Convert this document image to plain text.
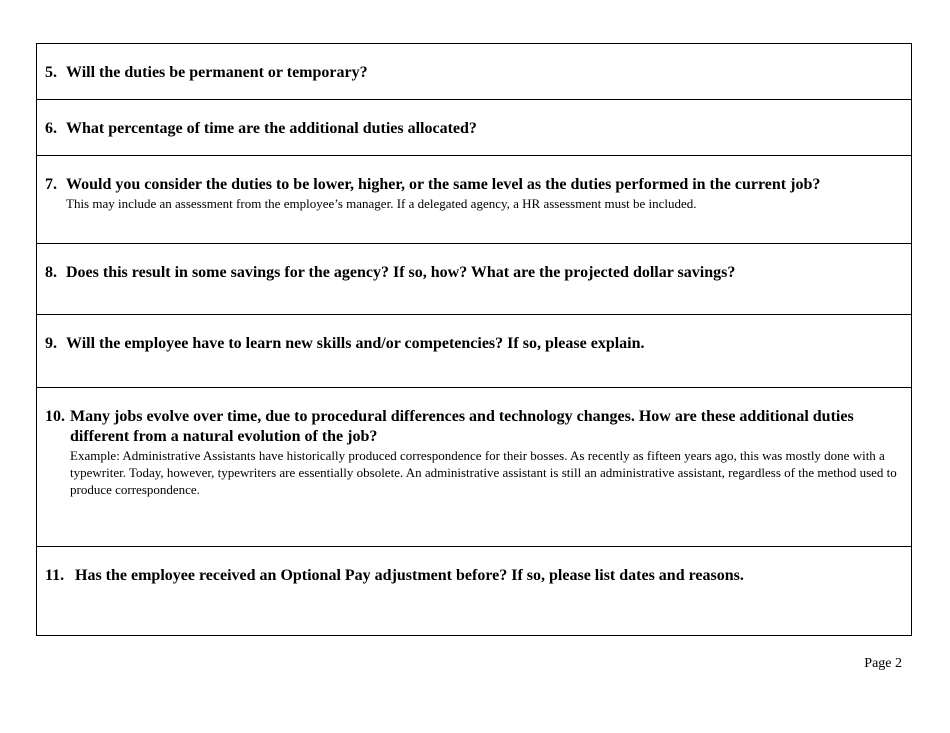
5. Will the duties be permanent or temporary?
6. What percentage of time are the additional duties allocated?
7. Would you consider the duties to be lower, higher, or the same level as the duties performed in the current job?
This may include an assessment from the employee’s manager. If a delegated agency, a HR assessment must be included.
8. Does this result in some savings for the agency? If so, how? What are the projected dollar savings?
9. Will the employee have to learn new skills and/or competencies? If so, please explain.
10. Many jobs evolve over time, due to procedural differences and technology changes. How are these additional duties different from a natural evolution of the job?
Example: Administrative Assistants have historically produced correspondence for their bosses. As recently as fifteen years ago, this was mostly done with a typewriter. Today, however, typewriters are essentially obsolete. An administrative assistant is still an administrative assistant, regardless of the method used to produce correspondence.
11. Has the employee received an Optional Pay adjustment before? If so, please list dates and reasons.
Page 2
